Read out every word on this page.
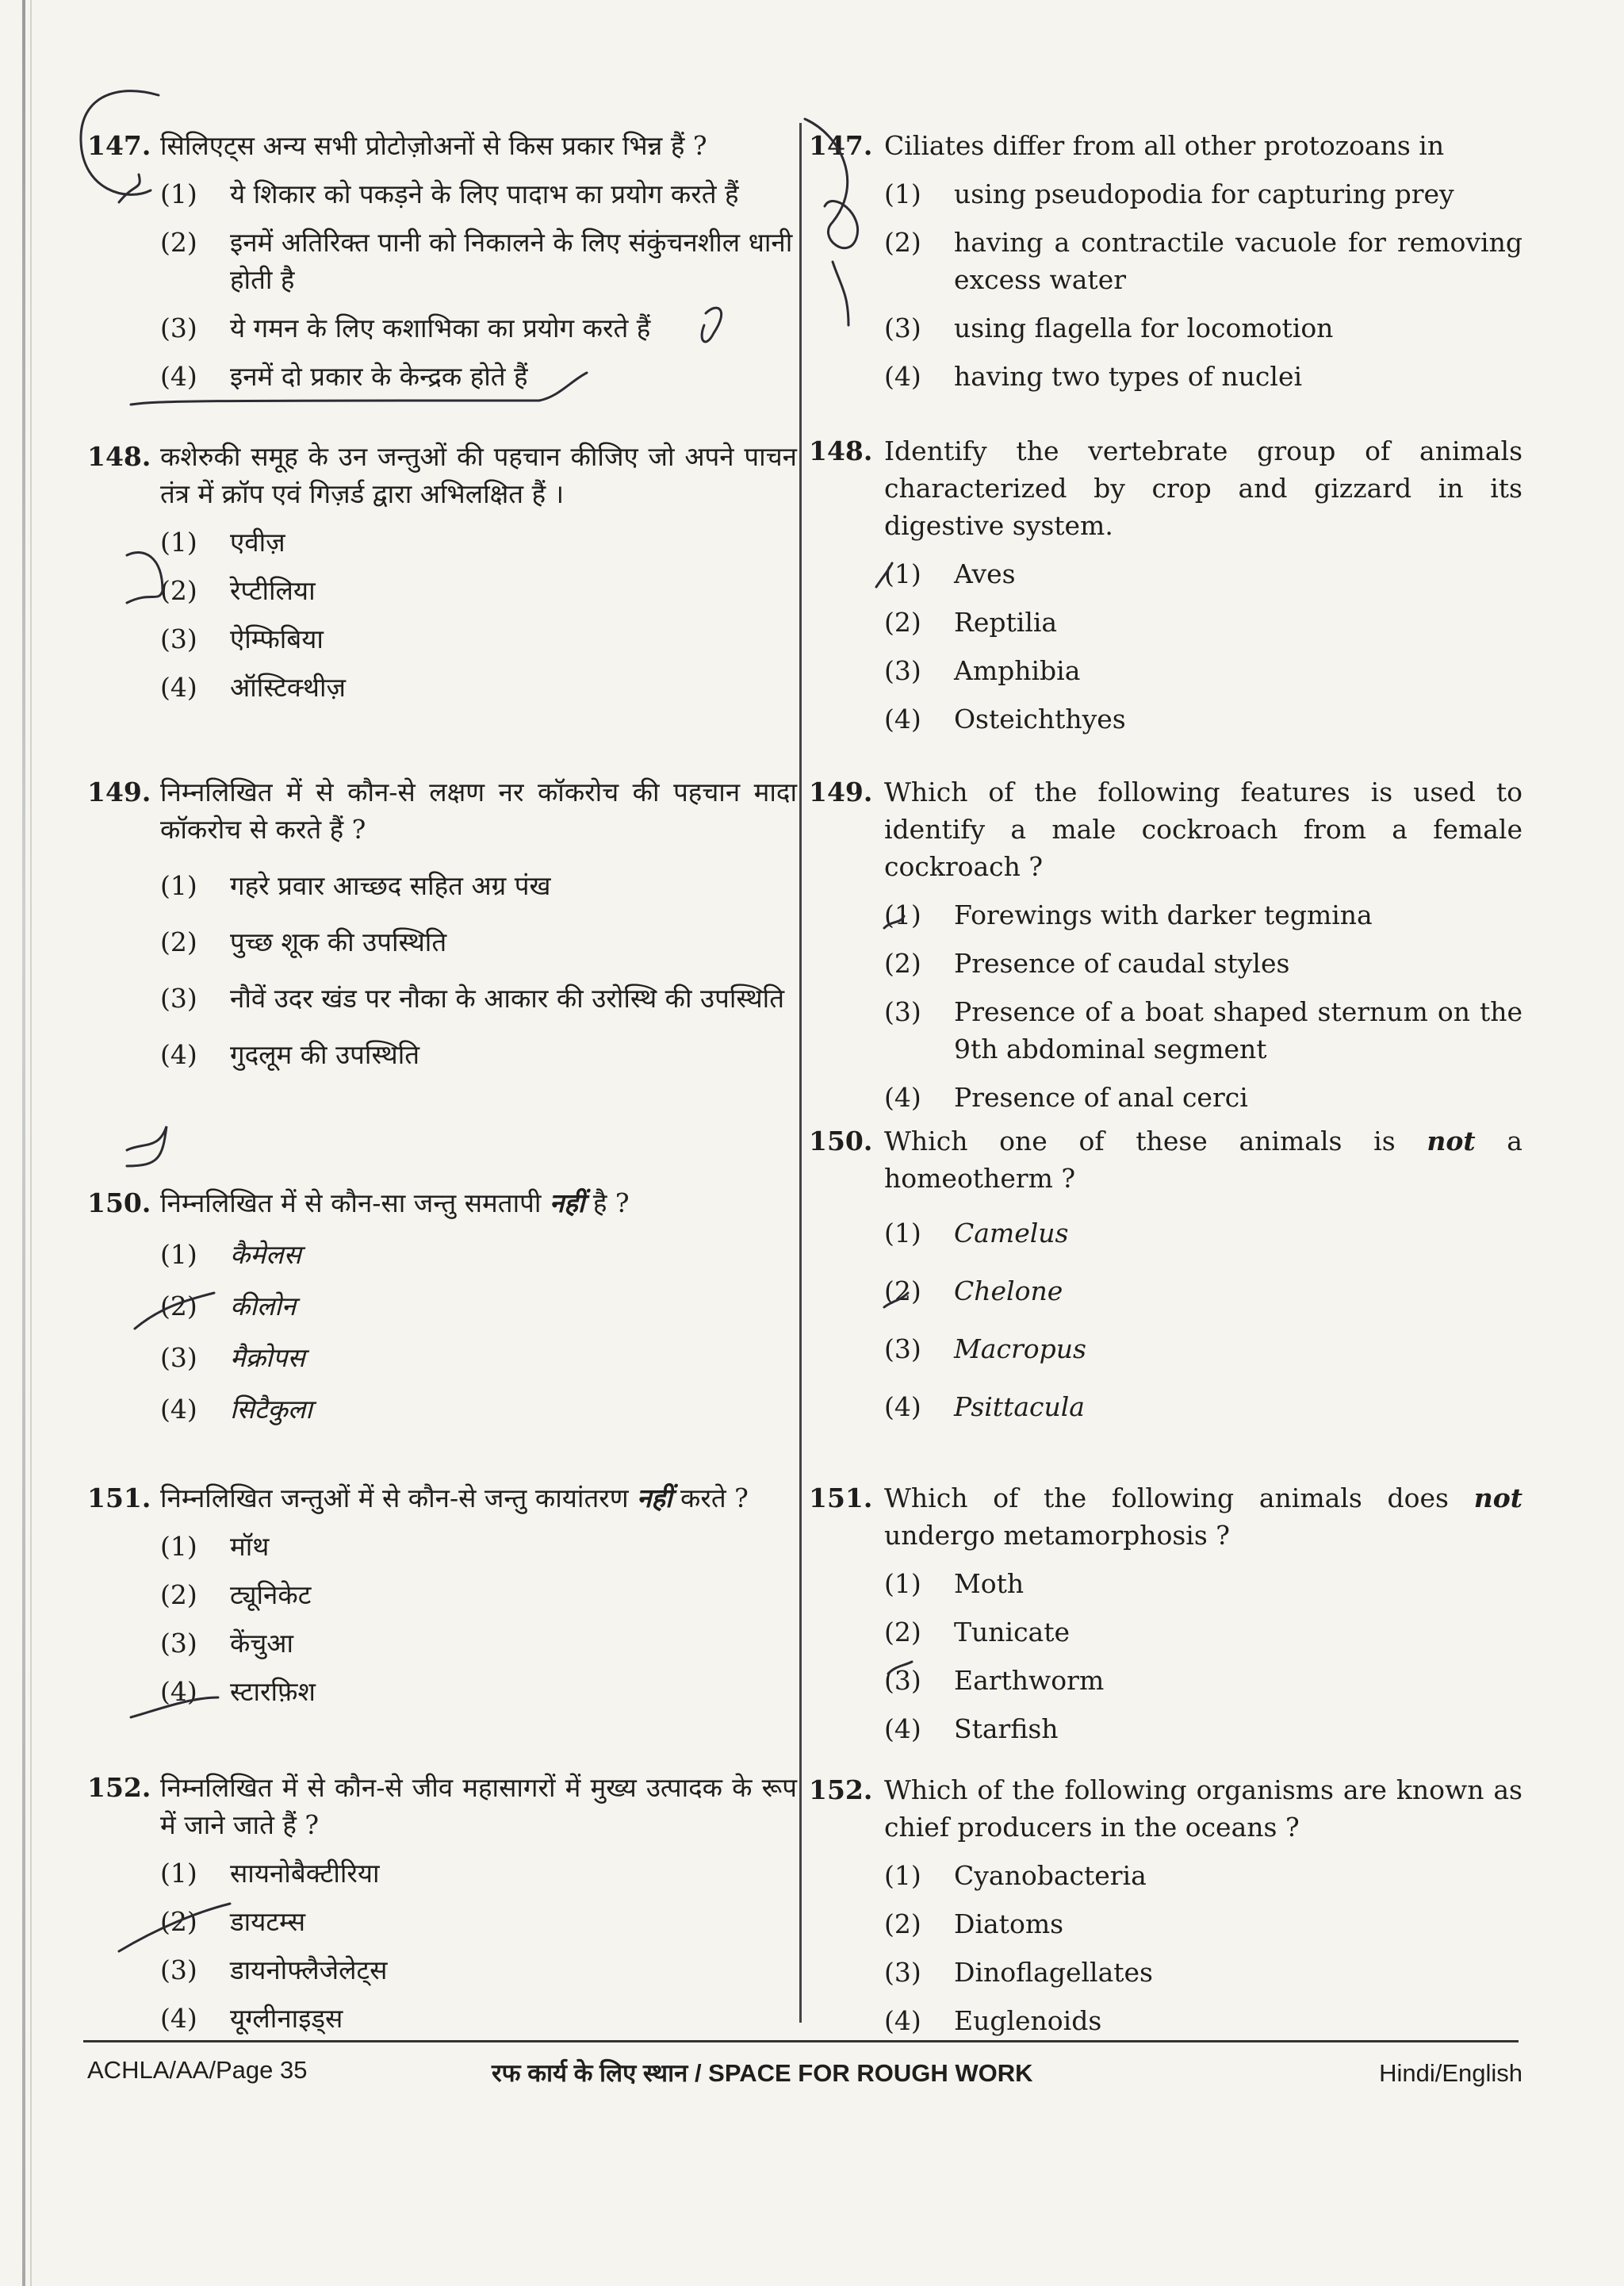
147. सिलिएट्स अन्य सभी प्रोटोज़ोअनों से किस प्रकार भिन्न हैं ?
(1)	ये शिकार को पकड़ने के लिए पादाभ का प्रयोग करते हैं
(2)	इनमें अतिरिक्त पानी को निकालने के लिए संकुंचनशील धानी होती है
(3)	ये गमन के लिए कशाभिका का प्रयोग करते हैं
(4)	इनमें दो प्रकार के केन्द्रक होते हैं
148. कशेरुकी समूह के उन जन्तुओं की पहचान कीजिए जो अपने पाचन तंत्र में क्रॉप एवं गिज़र्ड द्वारा अभिलक्षित हैं ।
(1)	एवीज़
(2)	रेप्टीलिया
(3)	ऐम्फिबिया
(4)	ऑस्टिक्थीज़
149. निम्नलिखित में से कौन-से लक्षण नर कॉकरोच की पहचान मादा कॉकरोच से करते हैं ?
(1)	गहरे प्रवार आच्छद सहित अग्र पंख
(2)	पुच्छ शूक की उपस्थिति
(3)	नौवें उदर खंड पर नौका के आकार की उरोस्थि की उपस्थिति
(4)	गुदलूम की उपस्थिति
150. निम्नलिखित में से कौन-सा जन्तु समतापी नहीं है ?
(1)	कैमेलस
(2)	कीलोन
(3)	मैक्रोपस
(4)	सिटैकुला
151. निम्नलिखित जन्तुओं में से कौन-से जन्तु कायांतरण नहीं करते ?
(1)	मॉथ
(2)	ट्यूनिकेट
(3)	केंचुआ
(4)	स्टारफ़िश
152. निम्नलिखित में से कौन-से जीव महासागरों में मुख्य उत्पादक के रूप में जाने जाते हैं ?
(1)	सायनोबैक्टीरिया
(2)	डायटम्स
(3)	डायनोफ्लैजेलेट्स
(4)	यूग्लीनाइड्स
147. Ciliates differ from all other protozoans in
(1)	using pseudopodia for capturing prey
(2)	having a contractile vacuole for removing excess water
(3)	using flagella for locomotion
(4)	having two types of nuclei
148. Identify the vertebrate group of animals characterized by crop and gizzard in its digestive system.
(1)	Aves
(2)	Reptilia
(3)	Amphibia
(4)	Osteichthyes
149. Which of the following features is used to identify a male cockroach from a female cockroach ?
(1)	Forewings with darker tegmina
(2)	Presence of caudal styles
(3)	Presence of a boat shaped sternum on the 9th abdominal segment
(4)	Presence of anal cerci
150. Which one of these animals is not a homeotherm ?
(1)	Camelus
(2)	Chelone
(3)	Macropus
(4)	Psittacula
151. Which of the following animals does not undergo metamorphosis ?
(1)	Moth
(2)	Tunicate
(3)	Earthworm
(4)	Starfish
152. Which of the following organisms are known as chief producers in the oceans ?
(1)	Cyanobacteria
(2)	Diatoms
(3)	Dinoflagellates
(4)	Euglenoids
ACHLA/AA/Page 35	रफ कार्य के लिए स्थान / SPACE FOR ROUGH WORK	Hindi/English
